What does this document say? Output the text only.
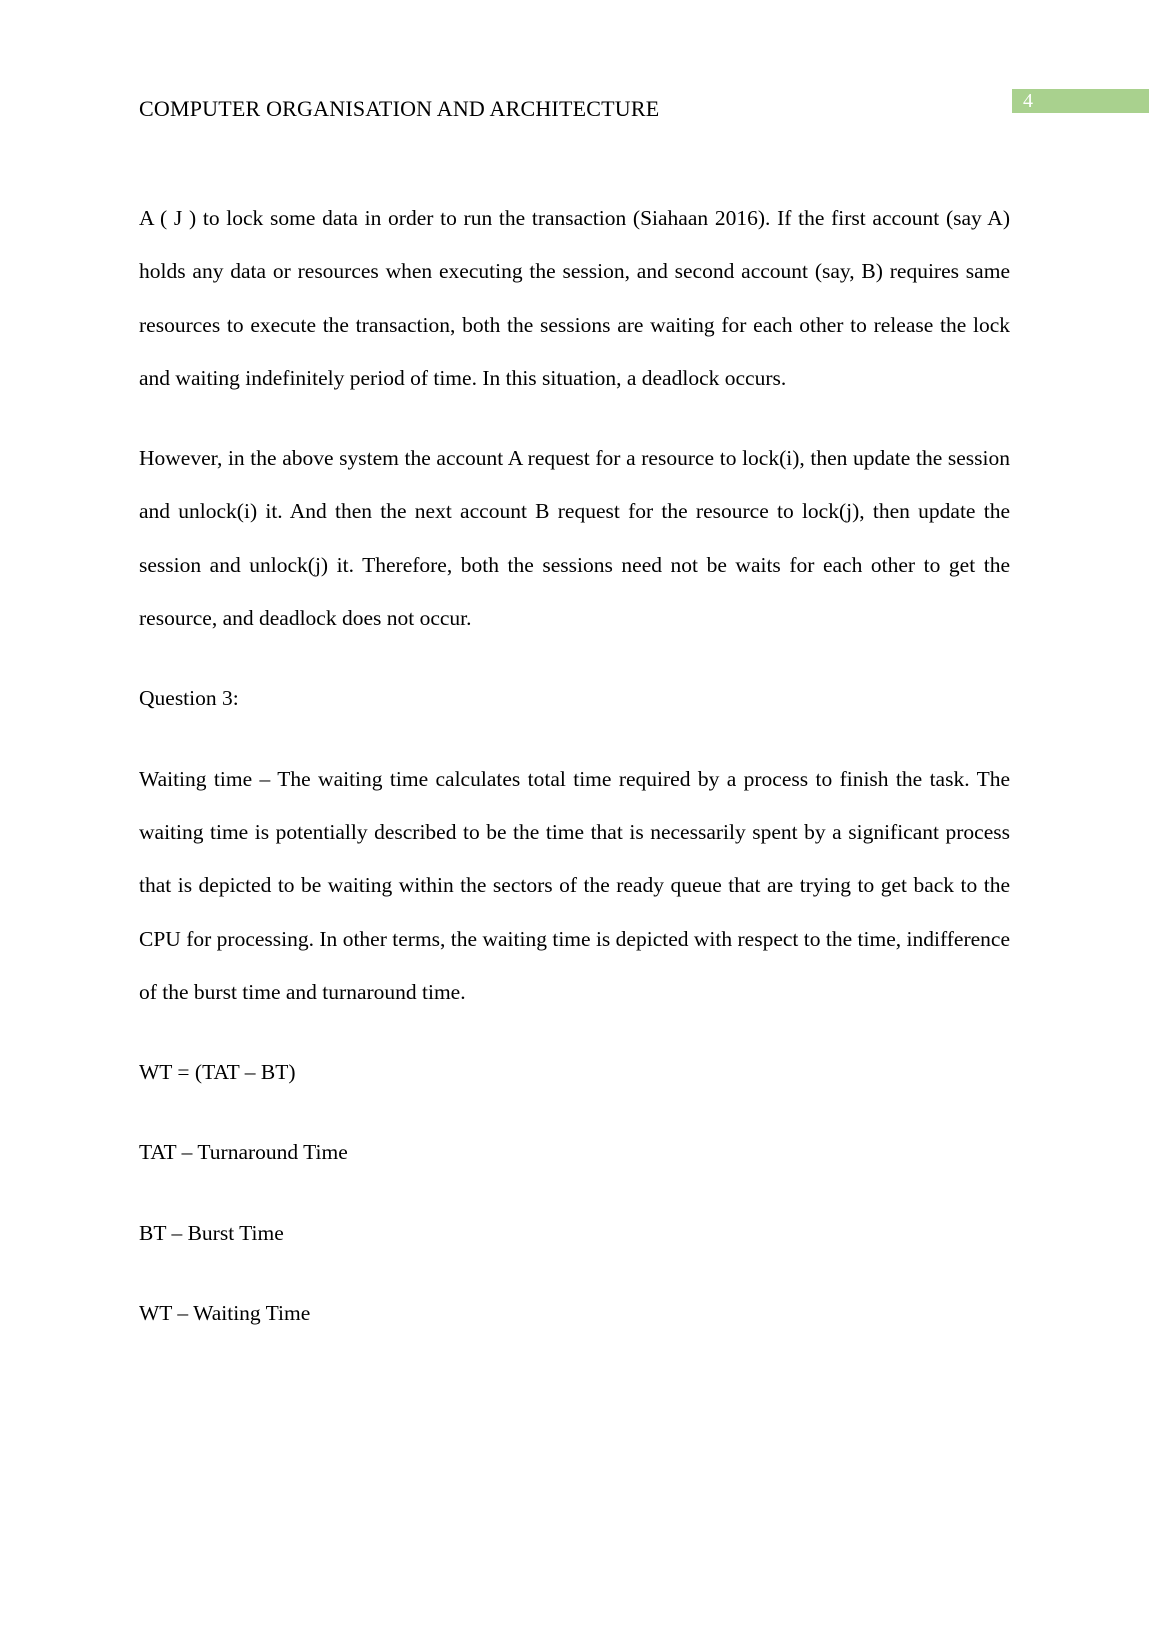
COMPUTER ORGANISATION AND ARCHITECTURE	4

A ( J ) to lock some data in order to run the transaction (Siahaan 2016). If the first account (say A) holds any data or resources when executing the session, and second account (say, B) requires same resources to execute the transaction, both the sessions are waiting for each other to release the lock and waiting indefinitely period of time. In this situation, a deadlock occurs.

However, in the above system the account A request for a resource to lock(i), then update the session and unlock(i) it. And then the next account B request for the resource to lock(j), then update the session and unlock(j) it. Therefore, both the sessions need not be waits for each other to get the resource, and deadlock does not occur.

Question 3:

Waiting time – The waiting time calculates total time required by a process to finish the task. The waiting time is potentially described to be the time that is necessarily spent by a significant process that is depicted to be waiting within the sectors of the ready queue that are trying to get back to the CPU for processing. In other terms, the waiting time is depicted with respect to the time, indifference of the burst time and turnaround time.

WT = (TAT – BT)

TAT – Turnaround Time

BT – Burst Time

WT – Waiting Time
